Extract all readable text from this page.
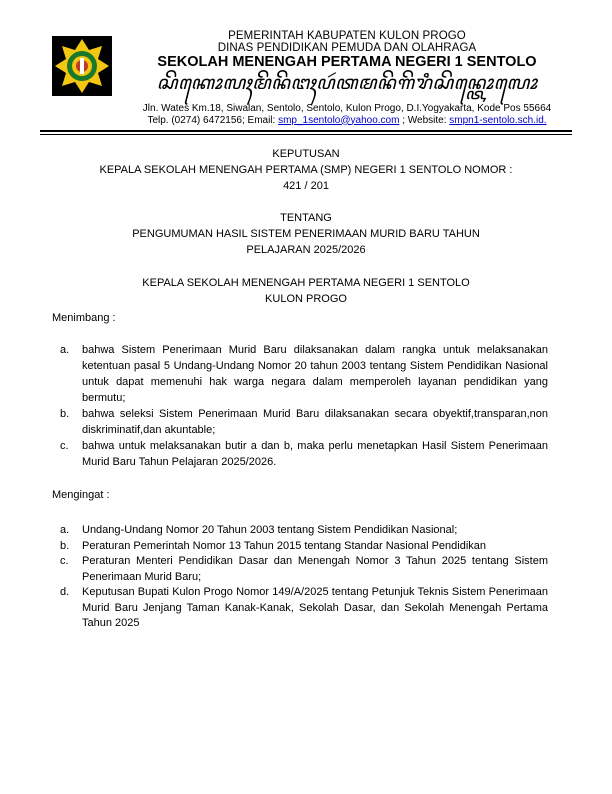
PEMERINTAH KABUPATEN KULON PROGO
DINAS PENDIDIKAN PEMUDA DAN OLAHRAGA
SEKOLAH MENENGAH PERTAMA NEGERI 1 SENTOLO
ꦱꦼꦏꦺꦴꦭꦃꦩꦼꦤꦼꦔꦃꦥꦂꦠꦩꦤꦼꦒꦼꦫꦶꦱꦼꦤ꧀ꦠꦺꦴꦭꦺꦴ
Jln. Wates Km.18, Siwalan, Sentolo, Sentolo, Kulon Progo, D.I.Yogyakarta, Kode Pos 55664
Telp. (0274) 6472156; Email: smp_1sentolo@yahoo.com ; Website: smpn1-sentolo.sch.id.
KEPUTUSAN
KEPALA SEKOLAH MENENGAH PERTAMA (SMP) NEGERI 1 SENTOLO NOMOR :
421 / 201
TENTANG
PENGUMUMAN HASIL SISTEM PENERIMAAN MURID BARU TAHUN
PELAJARAN 2025/2026
KEPALA SEKOLAH MENENGAH PERTAMA NEGERI 1 SENTOLO
KULON PROGO
Menimbang :
a. bahwa Sistem Penerimaan Murid Baru dilaksanakan dalam rangka untuk melaksanakan ketentuan pasal 5 Undang-Undang Nomor 20 tahun 2003 tentang Sistem Pendidikan Nasional untuk dapat memenuhi hak warga negara dalam memperoleh layanan pendidikan yang bermutu;
b. bahwa seleksi Sistem Penerimaan Murid Baru dilaksanakan secara obyektif,transparan,non diskriminatif,dan akuntable;
c. bahwa untuk melaksanakan butir a dan b, maka perlu menetapkan Hasil Sistem Penerimaan Murid Baru Tahun Pelajaran 2025/2026.
Mengingat :
a. Undang-Undang Nomor 20 Tahun 2003 tentang Sistem Pendidikan Nasional;
b. Peraturan Pemerintah Nomor 13 Tahun 2015 tentang Standar Nasional Pendidikan
c. Peraturan Menteri Pendidikan Dasar dan Menengah Nomor 3 Tahun 2025 tentang Sistem Penerimaan Murid Baru;
d. Keputusan Bupati Kulon Progo Nomor 149/A/2025 tentang Petunjuk Teknis Sistem Penerimaan Murid Baru Jenjang Taman Kanak-Kanak, Sekolah Dasar, dan Sekolah Menengah Pertama Tahun 2025
